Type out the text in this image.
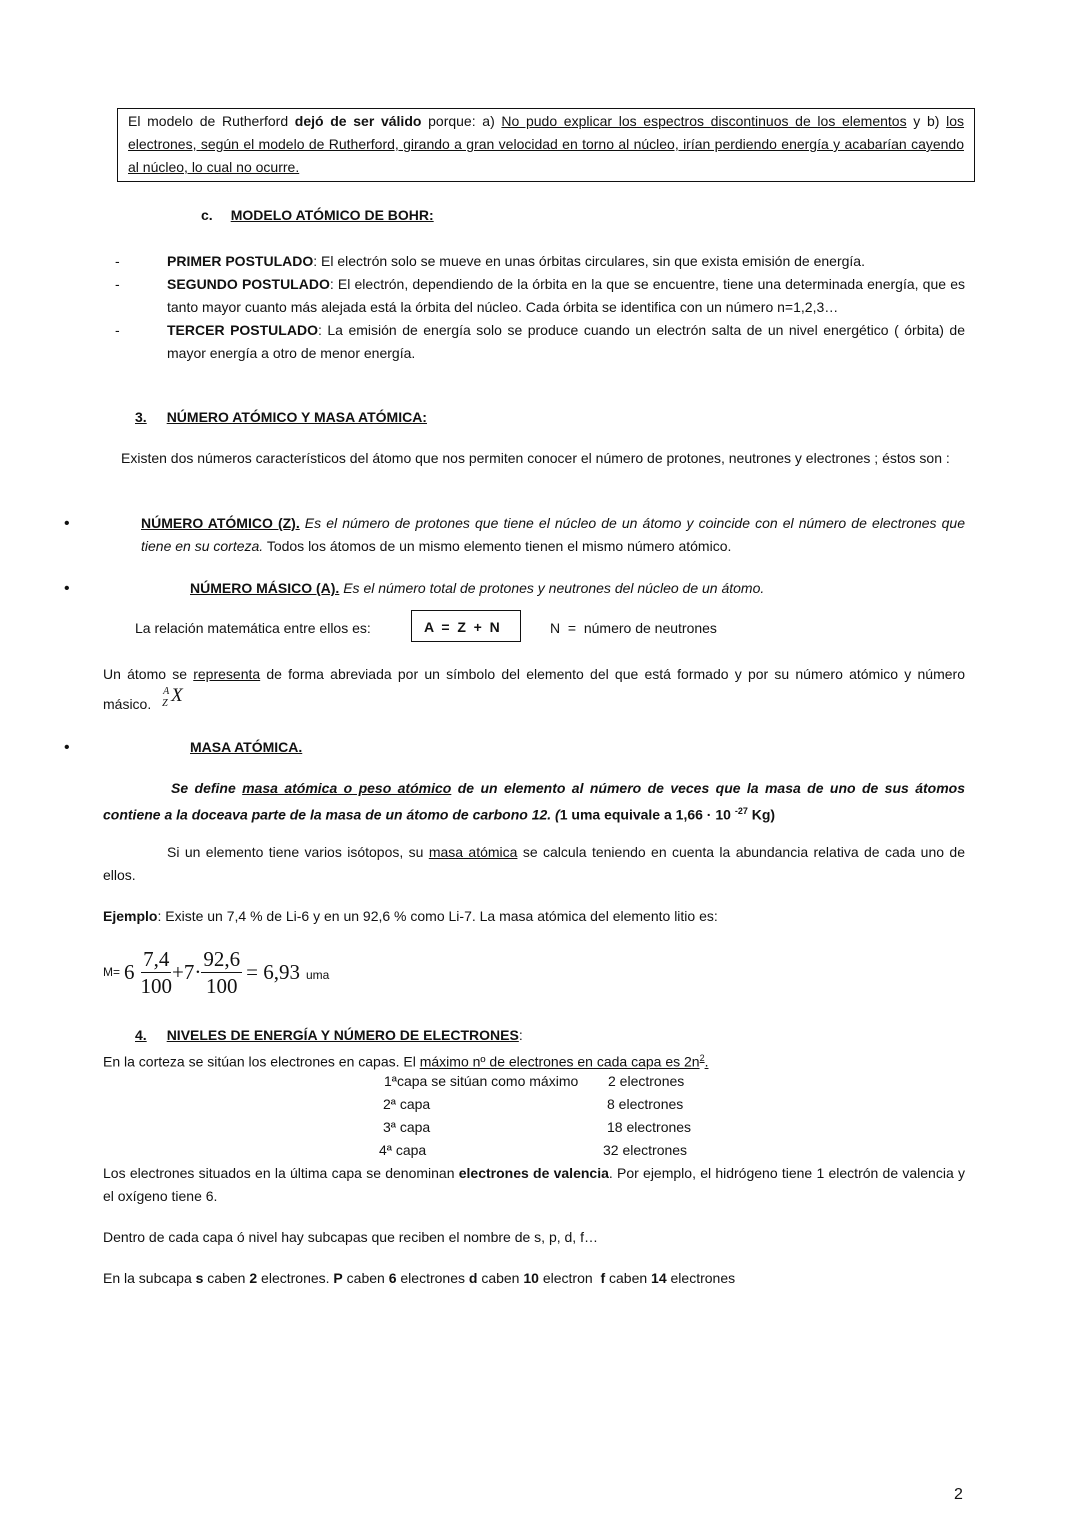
El modelo de Rutherford dejó de ser válido porque: a) No pudo explicar los espectros discontinuos de los elementos y b) los electrones, según el modelo de Rutherford, girando a gran velocidad en torno al núcleo, irían perdiendo energía y acabarían cayendo al núcleo, lo cual no ocurre.
c. MODELO ATÓMICO DE BOHR:
-	PRIMER POSTULADO: El electrón solo se mueve en unas órbitas circulares, sin que exista emisión de energía.
-	SEGUNDO POSTULADO: El electrón, dependiendo de la órbita en la que se encuentre, tiene una determinada energía, que es tanto mayor cuanto más alejada está la órbita del núcleo. Cada órbita se identifica con un número n=1,2,3…
-	TERCER POSTULADO: La emisión de energía solo se produce cuando un electrón salta de un nivel energético ( órbita) de mayor energía a otro de menor energía.
3. NÚMERO ATÓMICO Y MASA ATÓMICA:
Existen dos números característicos del átomo que nos permiten conocer el número de protones, neutrones y electrones ; éstos son :
•	NÚMERO ATÓMICO (Z). Es el número de protones que tiene el núcleo de un átomo y coincide con el número de electrones que tiene en su corteza. Todos los átomos de un mismo elemento tienen el mismo número atómico.
•	NÚMERO MÁSICO (A). Es el número total de protones y neutrones del núcleo de un átomo.
La relación matemática entre ellos es:	A  =  Z  +  N	N  =  número de neutrones
Un átomo se representa de forma abreviada por un símbolo del elemento del que está formado y por su número atómico y número másico.
A
Z X
•	MASA ATÓMICA.
Se define masa atómica o peso atómico de un elemento al número de veces que la masa de uno de sus átomos contiene a la doceava parte de la masa de un átomo de carbono 12. (1 uma equivale a 1,66 · 10 $^{-27}$ Kg)
Si un elemento tiene varios isótopos, su masa atómica se calcula teniendo en cuenta la abundancia relativa de cada uno de ellos.
Ejemplo: Existe un 7,4 % de Li-6 y en un 92,6 % como Li-7. La masa atómica del elemento litio es:
$M= 6 \frac{7,4}{100} +7\cdot \frac{92,6}{100} = 6,93$ uma
4. NIVELES DE ENERGÍA Y NÚMERO DE ELECTRONES:
En la corteza se sitúan los electrones en capas. El máximo nº de electrones en cada capa es $2n^2$.
1ªcapa se sitúan como máximo	2 electrones
2ª capa	8 electrones
3ª capa	18 electrones
4ª capa	32 electrones
Los electrones situados en la última capa se denominan electrones de valencia. Por ejemplo, el hidrógeno tiene 1 electrón de valencia y el oxígeno tiene 6.
Dentro de cada capa ó nivel hay subcapas que reciben el nombre de s, p, d, f…
En la subcapa s caben 2 electrones. P caben 6 electrones d caben 10 electron  f caben 14 electrones
2
